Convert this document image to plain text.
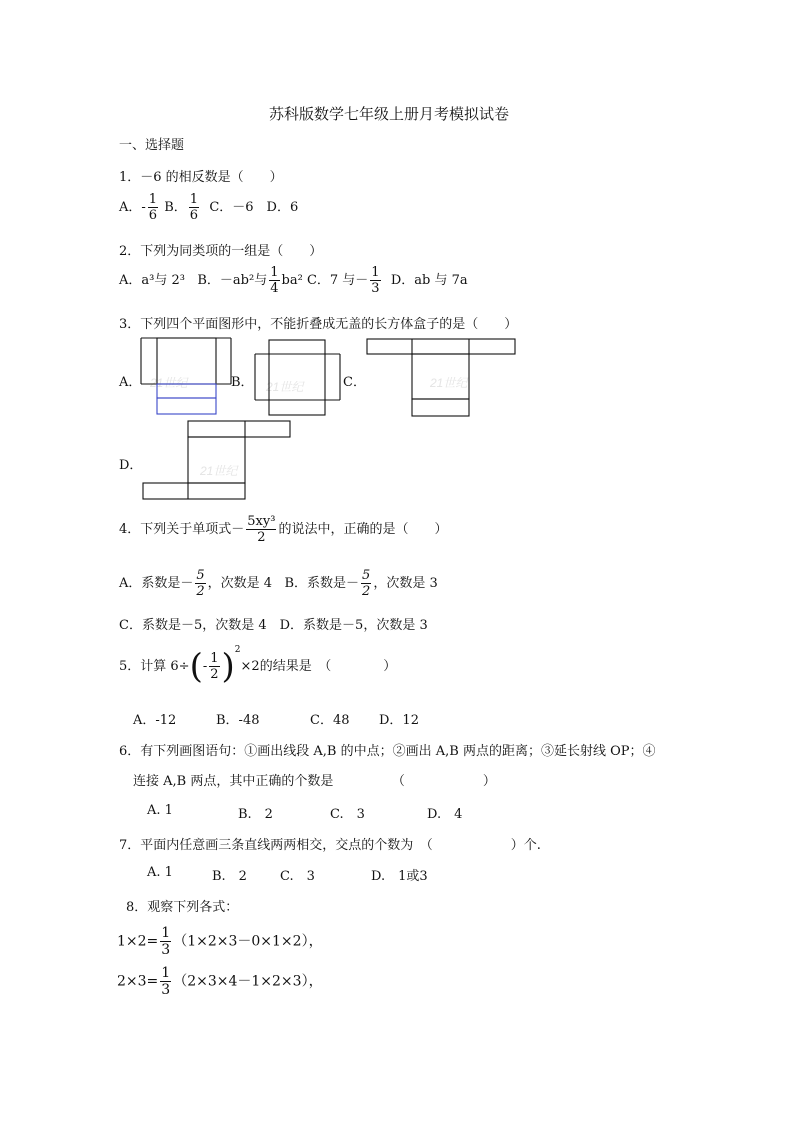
苏科版数学七年级上册月考模拟试卷
一、选择题
1．－6 的相反数是（　　）
A．- $\frac{1}{6}$ B． $\frac{1}{6}$ C．－6　D．6
2．下列为同类项的一组是（　　）
A．a³与 2³ B．－ab²与 $\frac{1}{4} ba^2$ C．7 与－ $\frac{1}{3}$ D．ab 与 7a
3．下列四个平面图形中，不能折叠成无盖的长方体盒子的是（　　）
A．	B．	C．
D．
21世纪	21世纪	21世纪
21世纪
4．下列关于单项式－ $\frac{\text{5xy³}}{2}$ 的说法中，正确的是（　　）
A．系数是－ $\frac{5}{2}$ ，次数是 4 B．系数是－ $\frac{5}{2}$ ，次数是 3
C．系数是－5，次数是 4　D．系数是－5，次数是 3
5．计算 $6\div(- \frac{1}{2} )^2\times 2$的结果是　（　　　　）
A．-12	B．-48	C．48 D．12
6．有下列画图语句：①画出线段 A,B 的中点；②画出 A,B 两点的距离；③延长射线 OP；④
连接 A,B 两点，其中正确的个数是　　　　　（　　　　　　）
A. 1	B.　2	C.　3	D.　4
7．平面内任意画三条直线两两相交，交点的个数为　（　　　　　　）个.
A. 1	B.　2	C.　3	D.　1或3
8．观察下列各式：
$1\times 2= \frac{1}{3} (1\times 2\times 3-0\times 1\times 2)$，
$2\times 3= \frac{1}{3} (2\times 3\times 4-1\times 2\times 3)$，
